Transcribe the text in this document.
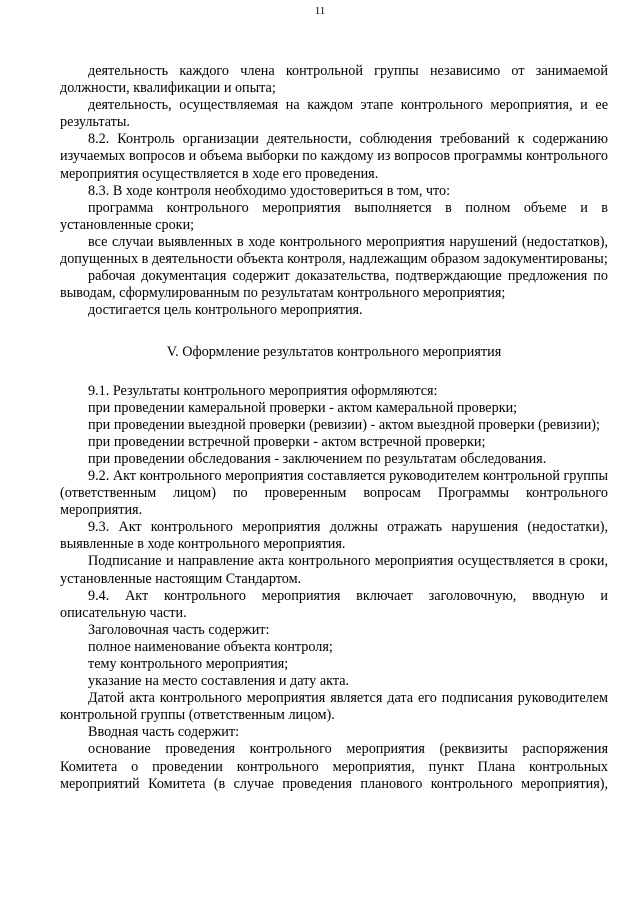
11

деятельность каждого члена контрольной группы независимо от занимаемой должности, квалификации и опыта;

деятельность, осуществляемая на каждом этапе контрольного мероприятия, и ее результаты.

8.2. Контроль организации деятельности, соблюдения требований к содержанию изучаемых вопросов и объема выборки по каждому из вопросов программы контрольного мероприятия осуществляется в ходе его проведения.

8.3. В ходе контроля необходимо удостовериться в том, что:

программа контрольного мероприятия выполняется в полном объеме и в установленные сроки;

все случаи выявленных в ходе контрольного мероприятия нарушений (недостатков), допущенных в деятельности объекта контроля, надлежащим образом задокументированы;

рабочая документация содержит доказательства, подтверждающие предложения по выводам, сформулированным по результатам контрольного мероприятия;

достигается цель контрольного мероприятия.

V. Оформление результатов контрольного мероприятия

9.1. Результаты контрольного мероприятия оформляются:

при проведении камеральной проверки - актом камеральной проверки;

при проведении выездной проверки (ревизии) - актом выездной проверки (ревизии);

при проведении встречной проверки - актом встречной проверки;

при проведении обследования - заключением по результатам обследования.

9.2. Акт контрольного мероприятия составляется руководителем контрольной группы (ответственным лицом) по проверенным вопросам Программы контрольного мероприятия.

9.3. Акт контрольного мероприятия должны отражать нарушения (недостатки), выявленные в ходе контрольного мероприятия.

Подписание и направление акта контрольного мероприятия осуществляется в сроки, установленные настоящим Стандартом.

9.4. Акт контрольного мероприятия включает заголовочную, вводную и описательную части.

Заголовочная часть содержит:

полное наименование объекта контроля;

тему контрольного мероприятия;

указание на место составления и дату акта.

Датой акта контрольного мероприятия является дата его подписания руководителем контрольной группы (ответственным лицом).

Вводная часть содержит:

основание проведения контрольного мероприятия (реквизиты распоряжения Комитета о проведении контрольного мероприятия, пункт Плана контрольных мероприятий Комитета (в случае проведения планового контрольного мероприятия),
